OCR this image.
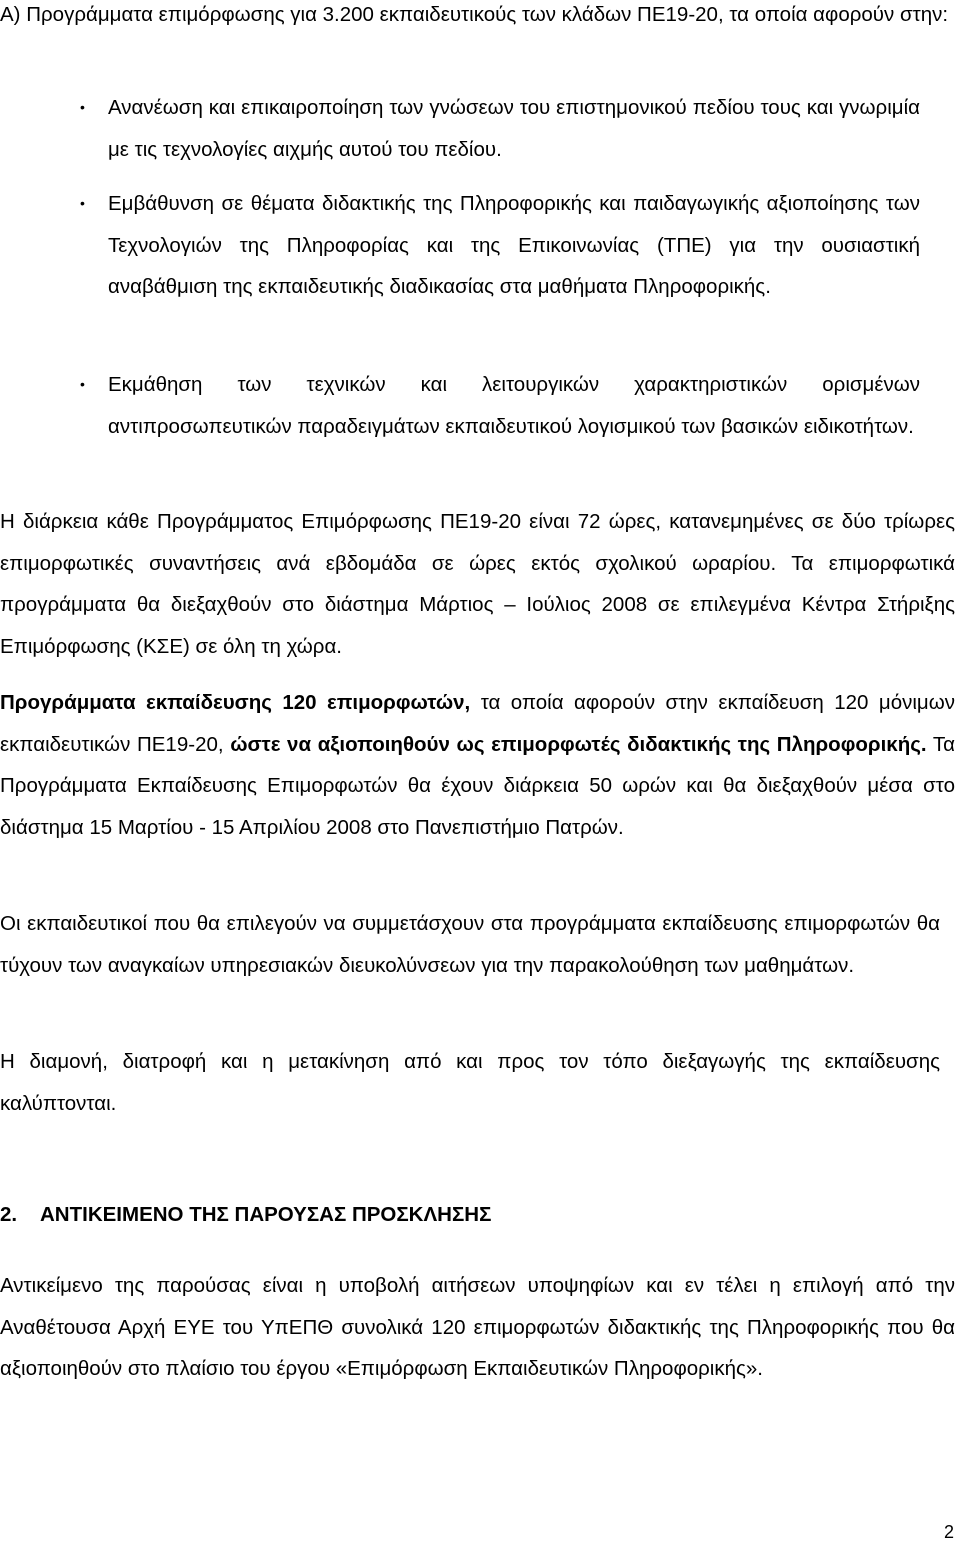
Α) Προγράμματα επιμόρφωσης για 3.200 εκπαιδευτικούς των κλάδων ΠΕ19-20, τα οποία αφορούν στην:

•	Ανανέωση και επικαιροποίηση των γνώσεων του επιστημονικού πεδίου τους και γνωριμία με τις τεχνολογίες αιχμής αυτού του πεδίου.

•	Εμβάθυνση σε θέματα διδακτικής της Πληροφορικής και παιδαγωγικής αξιοποίησης των Τεχνολογιών της Πληροφορίας και της Επικοινωνίας (ΤΠΕ) για την ουσιαστική αναβάθμιση της εκπαιδευτικής διαδικασίας στα μαθήματα Πληροφορικής.

•	Εκμάθηση των τεχνικών και λειτουργικών χαρακτηριστικών ορισμένων αντιπροσωπευτικών παραδειγμάτων εκπαιδευτικού λογισμικού των βασικών ειδικοτήτων.

Η διάρκεια κάθε Προγράμματος Επιμόρφωσης ΠΕ19-20 είναι 72 ώρες, κατανεμημένες σε δύο τρίωρες επιμορφωτικές συναντήσεις ανά εβδομάδα σε ώρες εκτός σχολικού ωραρίου. Τα επιμορφωτικά προγράμματα θα διεξαχθούν στο διάστημα Μάρτιος – Ιούλιος 2008 σε επιλεγμένα Κέντρα Στήριξης Επιμόρφωσης (ΚΣΕ) σε όλη τη χώρα.

Προγράμματα εκπαίδευσης 120 επιμορφωτών, τα οποία αφορούν στην εκπαίδευση 120 μόνιμων εκπαιδευτικών ΠΕ19-20, ώστε να αξιοποιηθούν ως επιμορφωτές διδακτικής της Πληροφορικής. Τα Προγράμματα Εκπαίδευσης Επιμορφωτών θα έχουν διάρκεια 50 ωρών και θα διεξαχθούν μέσα στο διάστημα 15 Μαρτίου - 15 Απριλίου 2008 στο Πανεπιστήμιο Πατρών.

Οι εκπαιδευτικοί που θα επιλεγούν να συμμετάσχουν στα προγράμματα εκπαίδευσης επιμορφωτών θα τύχουν των αναγκαίων υπηρεσιακών διευκολύνσεων για την παρακολούθηση των μαθημάτων.

Η διαμονή, διατροφή και η μετακίνηση από και προς τον τόπο διεξαγωγής της εκπαίδευσης καλύπτονται.

2. ΑΝΤΙΚΕΙΜΕΝΟ ΤΗΣ ΠΑΡΟΥΣΑΣ ΠΡΟΣΚΛΗΣΗΣ

Αντικείμενο της παρούσας είναι η υποβολή αιτήσεων υποψηφίων και εν τέλει η επιλογή από την Αναθέτουσα Αρχή ΕΥΕ του ΥπΕΠΘ συνολικά 120 επιμορφωτών διδακτικής της Πληροφορικής που θα αξιοποιηθούν στο πλαίσιο του έργου «Επιμόρφωση Εκπαιδευτικών Πληροφορικής».

2
